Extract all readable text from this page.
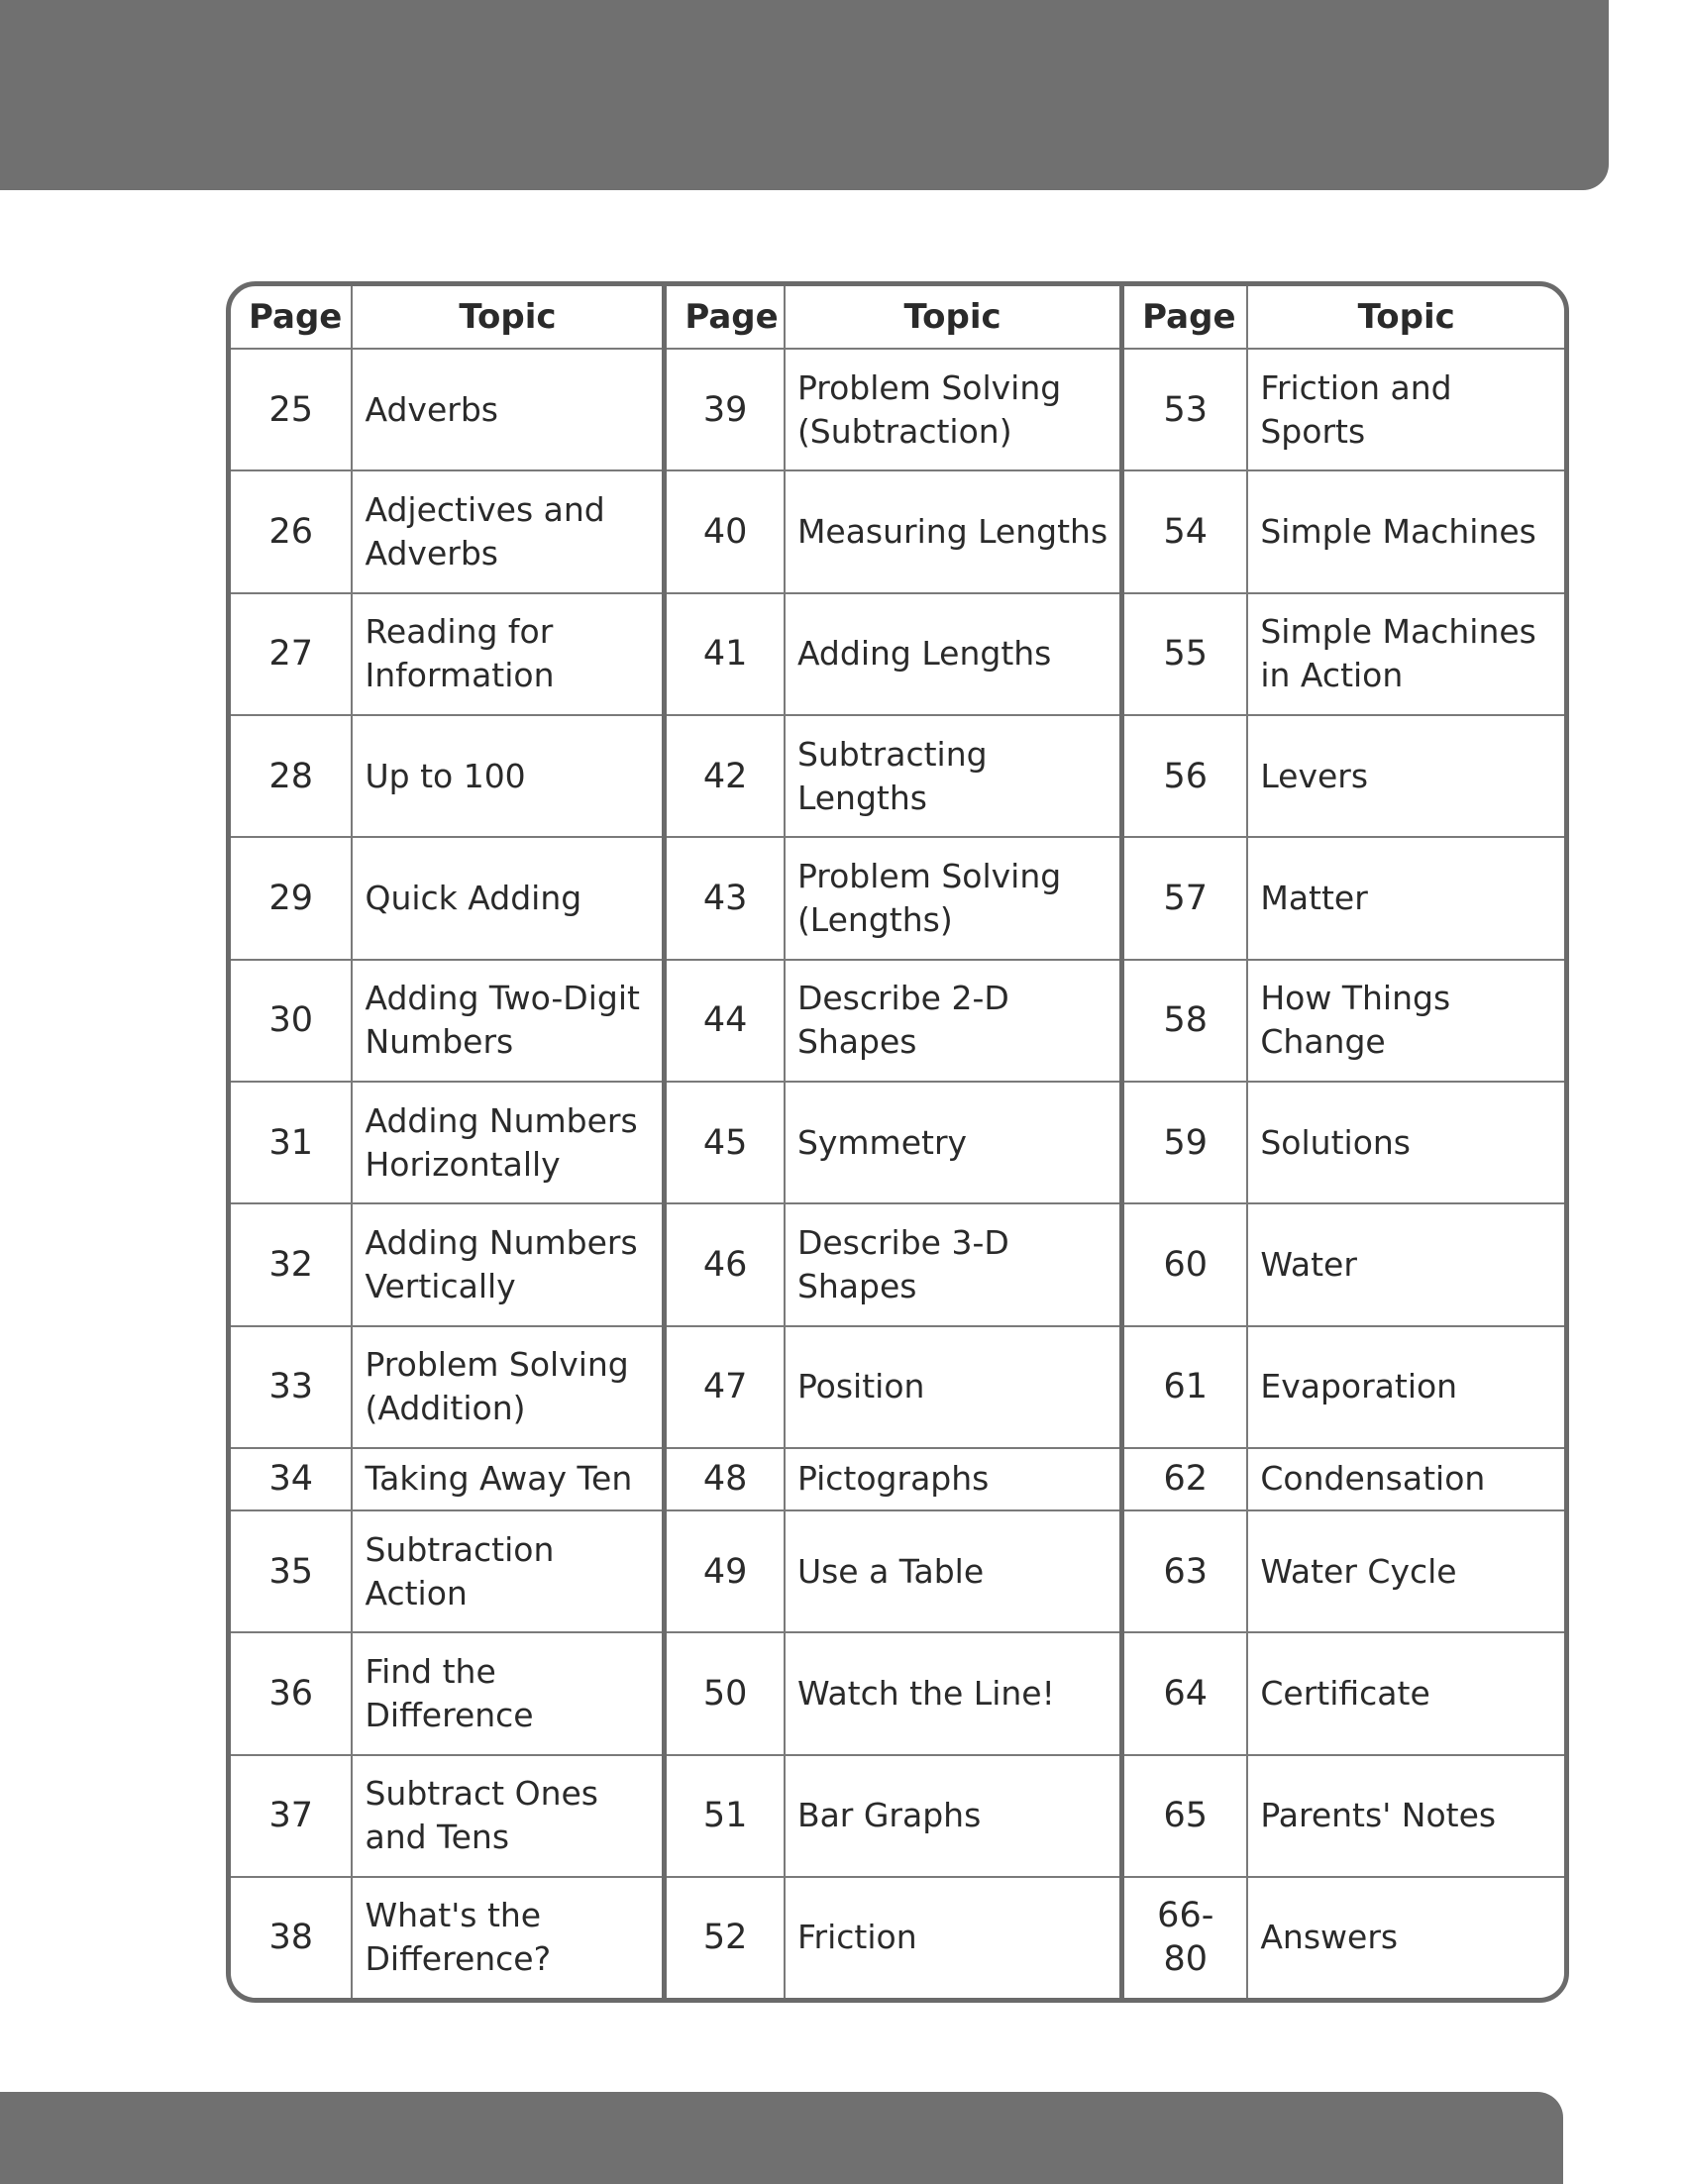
Page	Topic	Page	Topic	Page	Topic
25	Adverbs	39	Problem Solving (Subtraction)	53	Friction and Sports
26	Adjectives and Adverbs	40	Measuring Lengths	54	Simple Machines
27	Reading for Information	41	Adding Lengths	55	Simple Machines in Action
28	Up to 100	42	Subtracting Lengths	56	Levers
29	Quick Adding	43	Problem Solving (Lengths)	57	Matter
30	Adding Two-Digit Numbers	44	Describe 2-D Shapes	58	How Things Change
31	Adding Numbers Horizontally	45	Symmetry	59	Solutions
32	Adding Numbers Vertically	46	Describe 3-D Shapes	60	Water
33	Problem Solving (Addition)	47	Position	61	Evaporation
34	Taking Away Ten	48	Pictographs	62	Condensation
35	Subtraction Action	49	Use a Table	63	Water Cycle
36	Find the Difference	50	Watch the Line!	64	Certificate
37	Subtract Ones and Tens	51	Bar Graphs	65	Parents' Notes
38	What's the Difference?	52	Friction	66-80	Answers
